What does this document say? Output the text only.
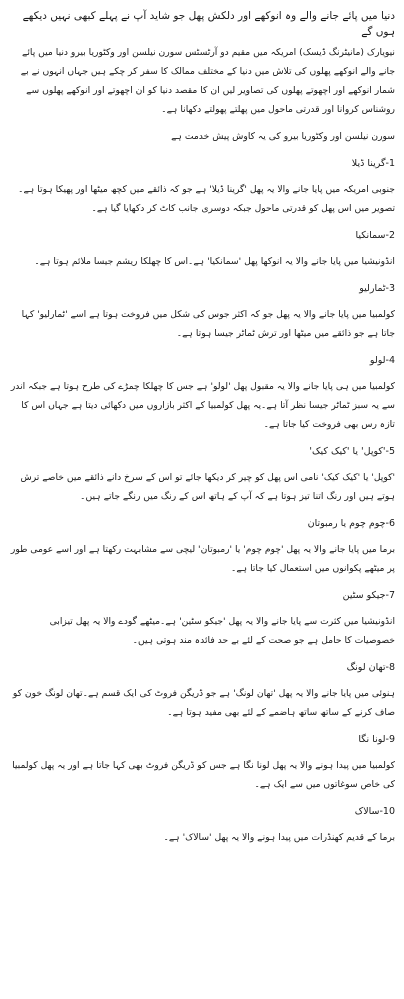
دنیا میں پائے جانے والے وہ انوکھے اور دلکش پھل جو شاید آپ نے پہلے کبھی نہیں دیکھے ہوں گے

نیویارک (مانیٹرنگ ڈیسک) امریکہ میں مقیم دو آرٹسٹس سورن نیلسن اور وکٹوریا بیرو دنیا میں پائے جانے والے انوکھے پھلوں کی تلاش میں دنیا کے مختلف ممالک کا سفر کر چکے ہیں جہاں انہوں نے بے شمار انوکھے اور اچھوتے پھلوں کی تصاویر لیں ان کا مقصد دنیا کو ان اچھوتے اور انوکھے پھلوں سے روشناس کروانا اور قدرتی ماحول میں پھلتے پھولتے دکھانا ہے۔

سورن نیلسن اور وکٹوریا بیرو کی یہ کاوش پیش خدمت ہے

1-گرینا ڈیلا

جنوبی امریکہ میں پایا جانے والا یہ پھل 'گرینا ڈیلا' ہے جو کہ ذائقے میں کچھ میٹھا اور پھیکا ہوتا ہے۔تصویر میں اس پھل کو قدرتی ماحول جبکہ دوسری جانب کاٹ کر دکھایا گیا ہے۔

2-سمانکیا

انڈونیشیا میں پایا جانے والا یہ انوکھا پھل 'سمانکیا' ہے۔اس کا چھلکا ریشم جیسا ملائم ہوتا ہے۔

3-ٹمارلیو

کولمبیا میں پایا جانے والا یہ پھل جو کہ اکثر جوس کی شکل میں فروخت ہوتا ہے اسے 'ٹمارلیو' کہا جاتا ہے جو ذائقے میں میٹھا اور ترش ٹماٹر جیسا ہوتا ہے۔

4-لولو

کولمبیا میں ہی پایا جانے والا یہ مقبول پھل 'لولو' ہے جس کا چھلکا چمڑے کی طرح ہوتا ہے جبکہ اندر سے یہ سبز ٹماٹر جیسا نظر آتا ہے۔یہ پھل کولمبیا کے اکثر بازاروں میں دکھائی دیتا ہے جہاں اس کا تازہ رس بھی فروخت کیا جاتا ہے۔

5-'کوپل' یا 'کیک کیک'

'کوپل' یا 'کیک کیک' نامی اس پھل کو چیر کر دیکھا جائے تو اس کے سرخ دانے ذائقے میں خاصے ترش ہوتے ہیں اور رنگ اتنا تیز ہوتا ہے کہ آپ کے ہاتھ اس کے رنگ میں رنگے جاتے ہیں۔

6-چوم چوم یا رمبوتان

برما میں پایا جانے والا یہ پھل 'چوم چوم' یا 'رمبوتان' لیچی سے مشابہت رکھتا ہے اور اسے عومی طور پر میٹھے پکوانوں میں استعمال کیا جاتا ہے۔

7-جیکو سٹین

انڈونیشیا میں کثرت سے پایا جانے والا یہ پھل 'جیکو سٹین' ہے۔میٹھے گودے والا یہ پھل تیزابی خصوصیات کا حامل ہے جو صحت کے لئے بے حد فائدہ مند ہوتی ہیں۔

8-تھان لونگ

ہنوئی میں پایا جانے والا یہ پھل 'تھان لونگ' ہے جو ڈریگن فروٹ کی ایک قسم ہے۔تھان لونگ خون کو صاف کرنے کے ساتھ ساتھ ہاضمے کے لئے بھی مفید ہوتا ہے۔

9-لونا نگا

کولمبیا میں پیدا ہونے والا یہ پھل لونا نگا ہے جس کو ڈریگن فروٹ بھی کہا جاتا ہے اور یہ پھل کولمبیا کی خاص سوغاتوں میں سے ایک ہے۔

10-سالاک

برما کے قدیم کھنڈرات میں پیدا ہونے والا یہ پھل 'سالاک' ہے۔
